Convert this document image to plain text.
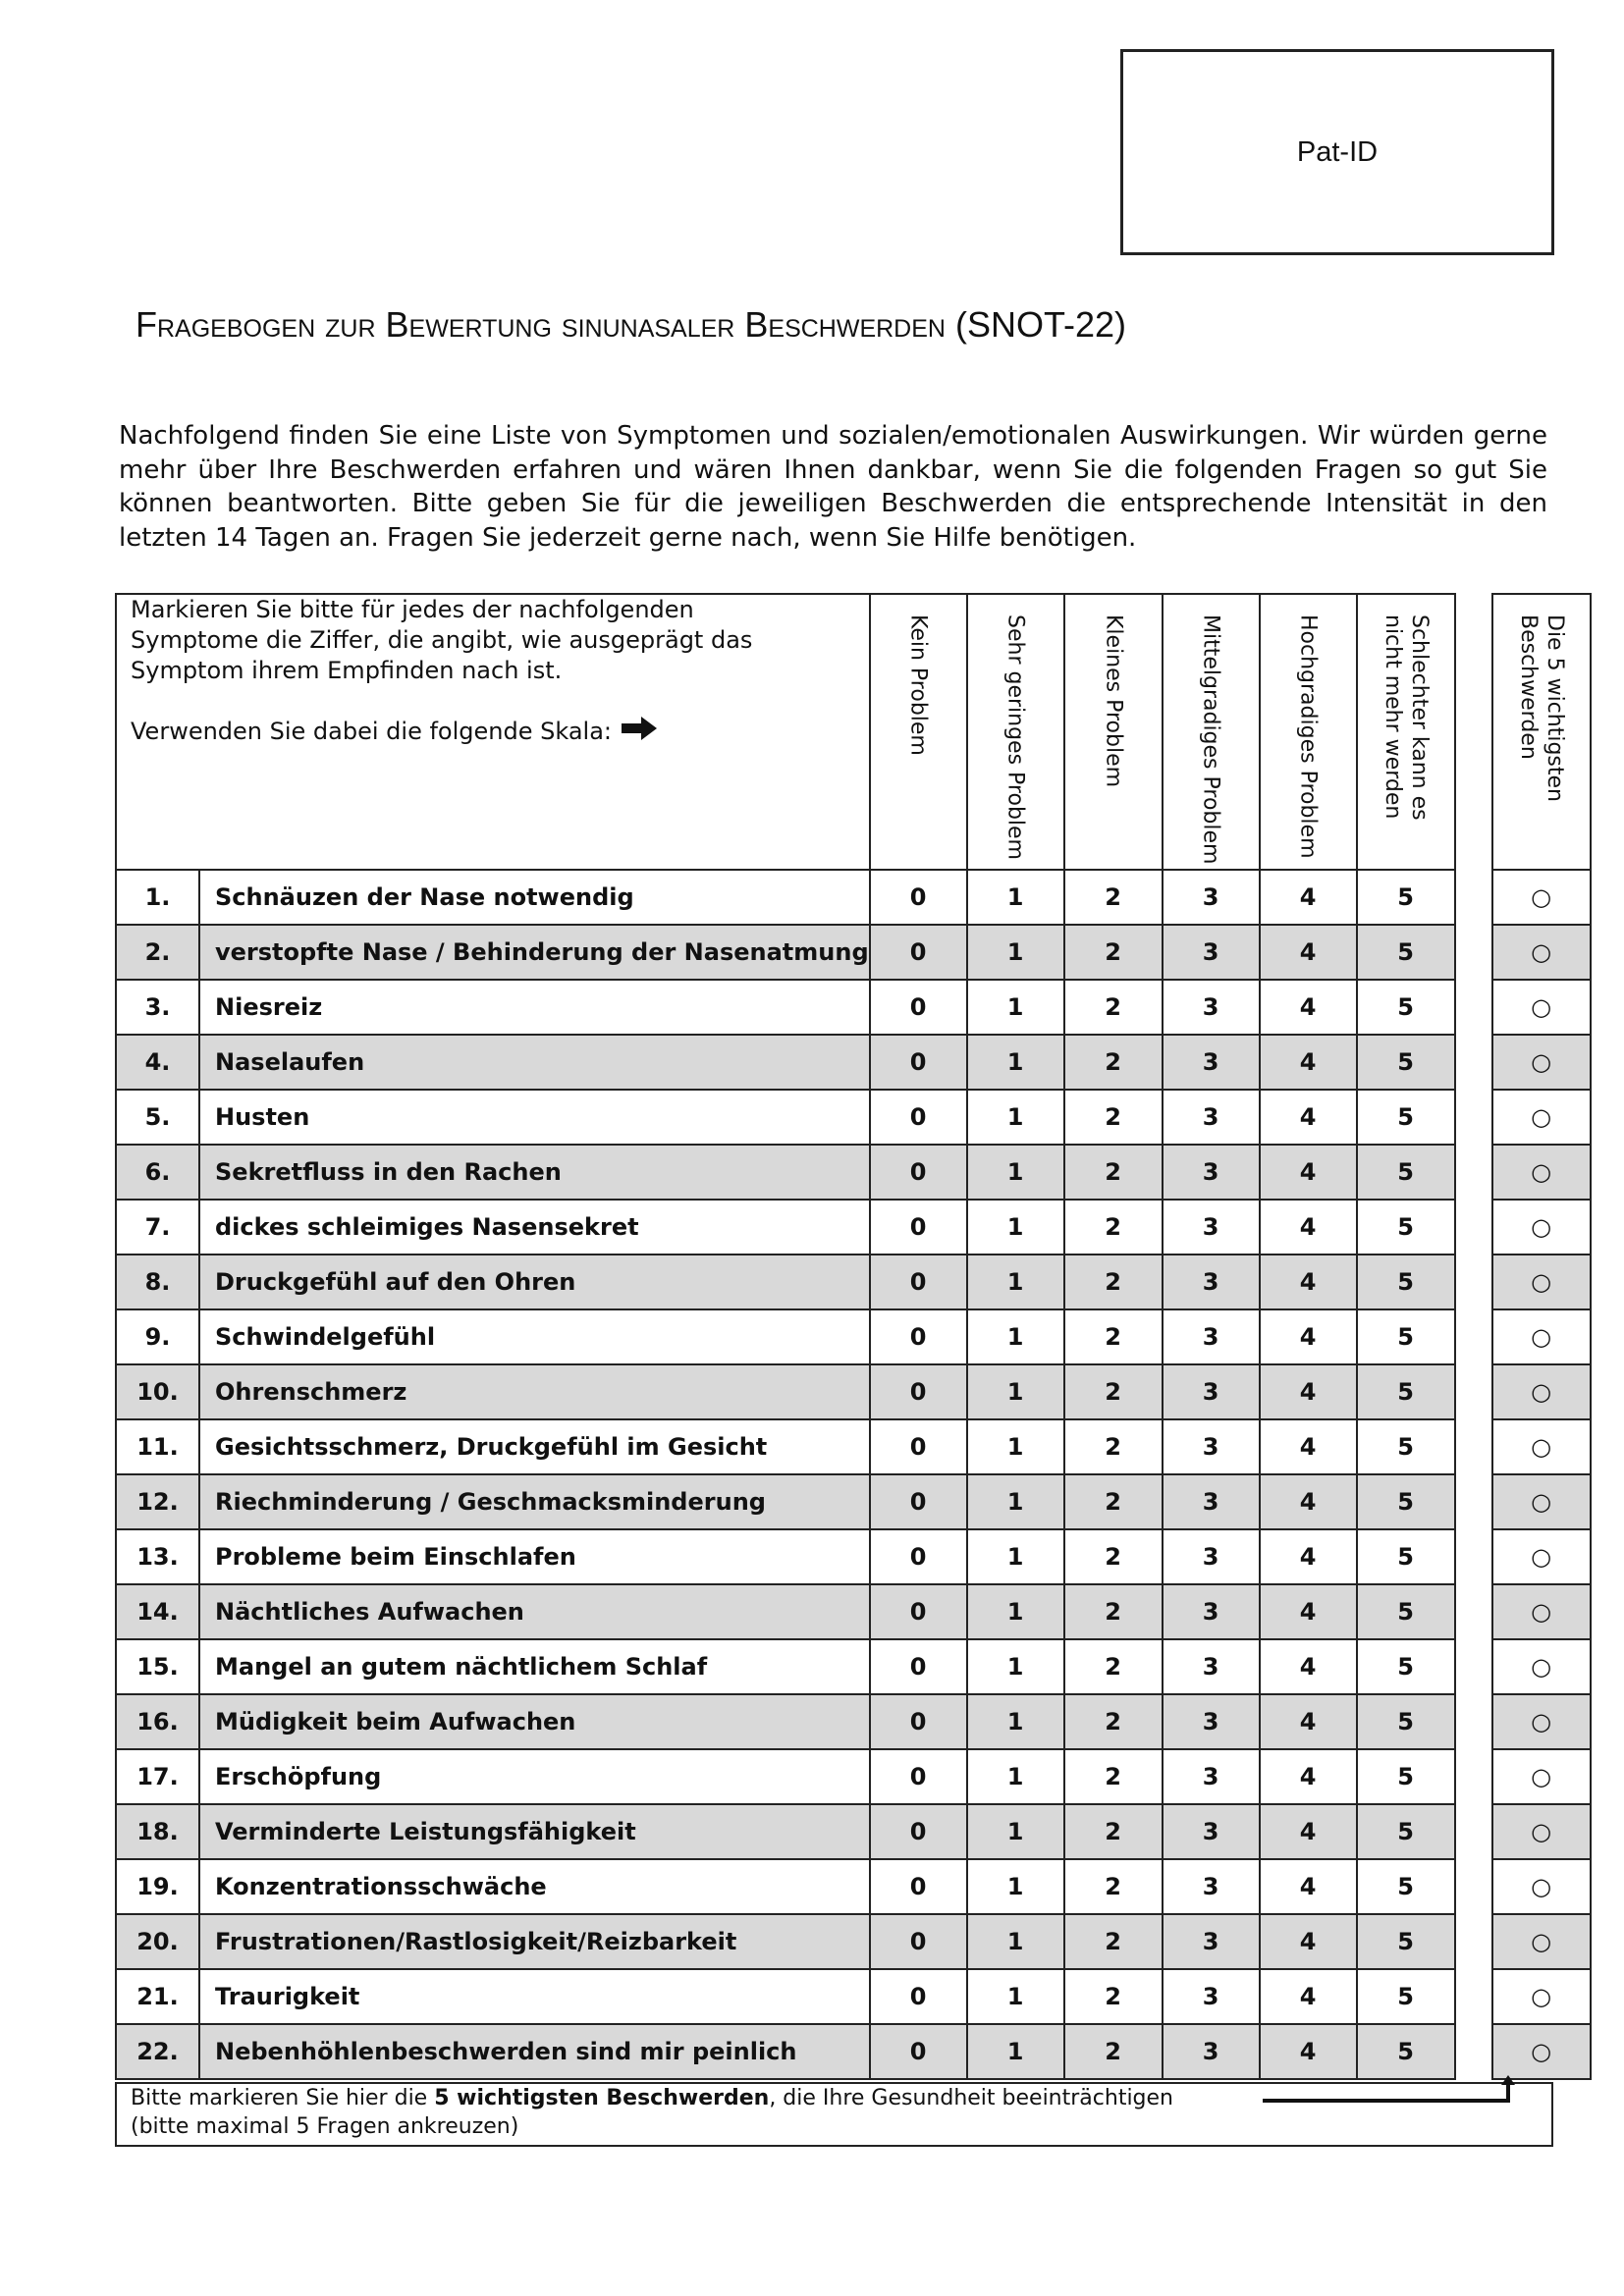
Pat-ID
Fragebogen zur Bewertung sinunasaler Beschwerden (SNOT-22)
Nachfolgend finden Sie eine Liste von Symptomen und sozialen/emotionalen Auswirkungen. Wir würden gerne mehr über Ihre Beschwerden erfahren und wären Ihnen dankbar, wenn Sie die folgenden Fragen so gut Sie können beantworten. Bitte geben Sie für die jeweiligen Beschwerden die entsprechende Intensität in den letzten 14 Tagen an. Fragen Sie jederzeit gerne nach, wenn Sie Hilfe benötigen.
Markieren Sie bitte für jedes der nachfolgenden
Symptome die Ziffer, die angibt, wie ausgeprägt das
Symptom ihrem Empfinden nach ist.
Verwenden Sie dabei die folgende Skala:		Kein Problem	Sehr geringes Problem	Kleines Problem	Mittelgradiges Problem	Hochgradiges Problem	Schlechter kann es nicht mehr werden		Die 5 wichtigsten Beschwerden

1.	Schnäuzen der Nase notwendig	0	1	2	3	4	5		○
2.	verstopfte Nase / Behinderung der Nasenatmung	0	1	2	3	4	5		○
3.	Niesreiz	0	1	2	3	4	5		○
4.	Naselaufen	0	1	2	3	4	5		○
5.	Husten	0	1	2	3	4	5		○
6.	Sekretfluss in den Rachen	0	1	2	3	4	5		○
7.	dickes schleimiges Nasensekret	0	1	2	3	4	5		○
8.	Druckgefühl auf den Ohren	0	1	2	3	4	5		○
9.	Schwindelgefühl	0	1	2	3	4	5		○
10.	Ohrenschmerz	0	1	2	3	4	5		○
11.	Gesichtsschmerz, Druckgefühl im Gesicht	0	1	2	3	4	5		○
12.	Riechminderung / Geschmacksminderung	0	1	2	3	4	5		○
13.	Probleme beim Einschlafen	0	1	2	3	4	5		○
14.	Nächtliches Aufwachen	0	1	2	3	4	5		○
15.	Mangel an gutem nächtlichem Schlaf	0	1	2	3	4	5		○
16.	Müdigkeit beim Aufwachen	0	1	2	3	4	5		○
17.	Erschöpfung	0	1	2	3	4	5		○
18.	Verminderte Leistungsfähigkeit	0	1	2	3	4	5		○
19.	Konzentrationsschwäche	0	1	2	3	4	5		○
20.	Frustrationen/Rastlosigkeit/Reizbarkeit	0	1	2	3	4	5		○
21.	Traurigkeit	0	1	2	3	4	5		○
22.	Nebenhöhlenbeschwerden sind mir peinlich	0	1	2	3	4	5		○
Bitte markieren Sie hier die 5 wichtigsten Beschwerden, die Ihre Gesundheit beeinträchtigen
(bitte maximal 5 Fragen ankreuzen)
